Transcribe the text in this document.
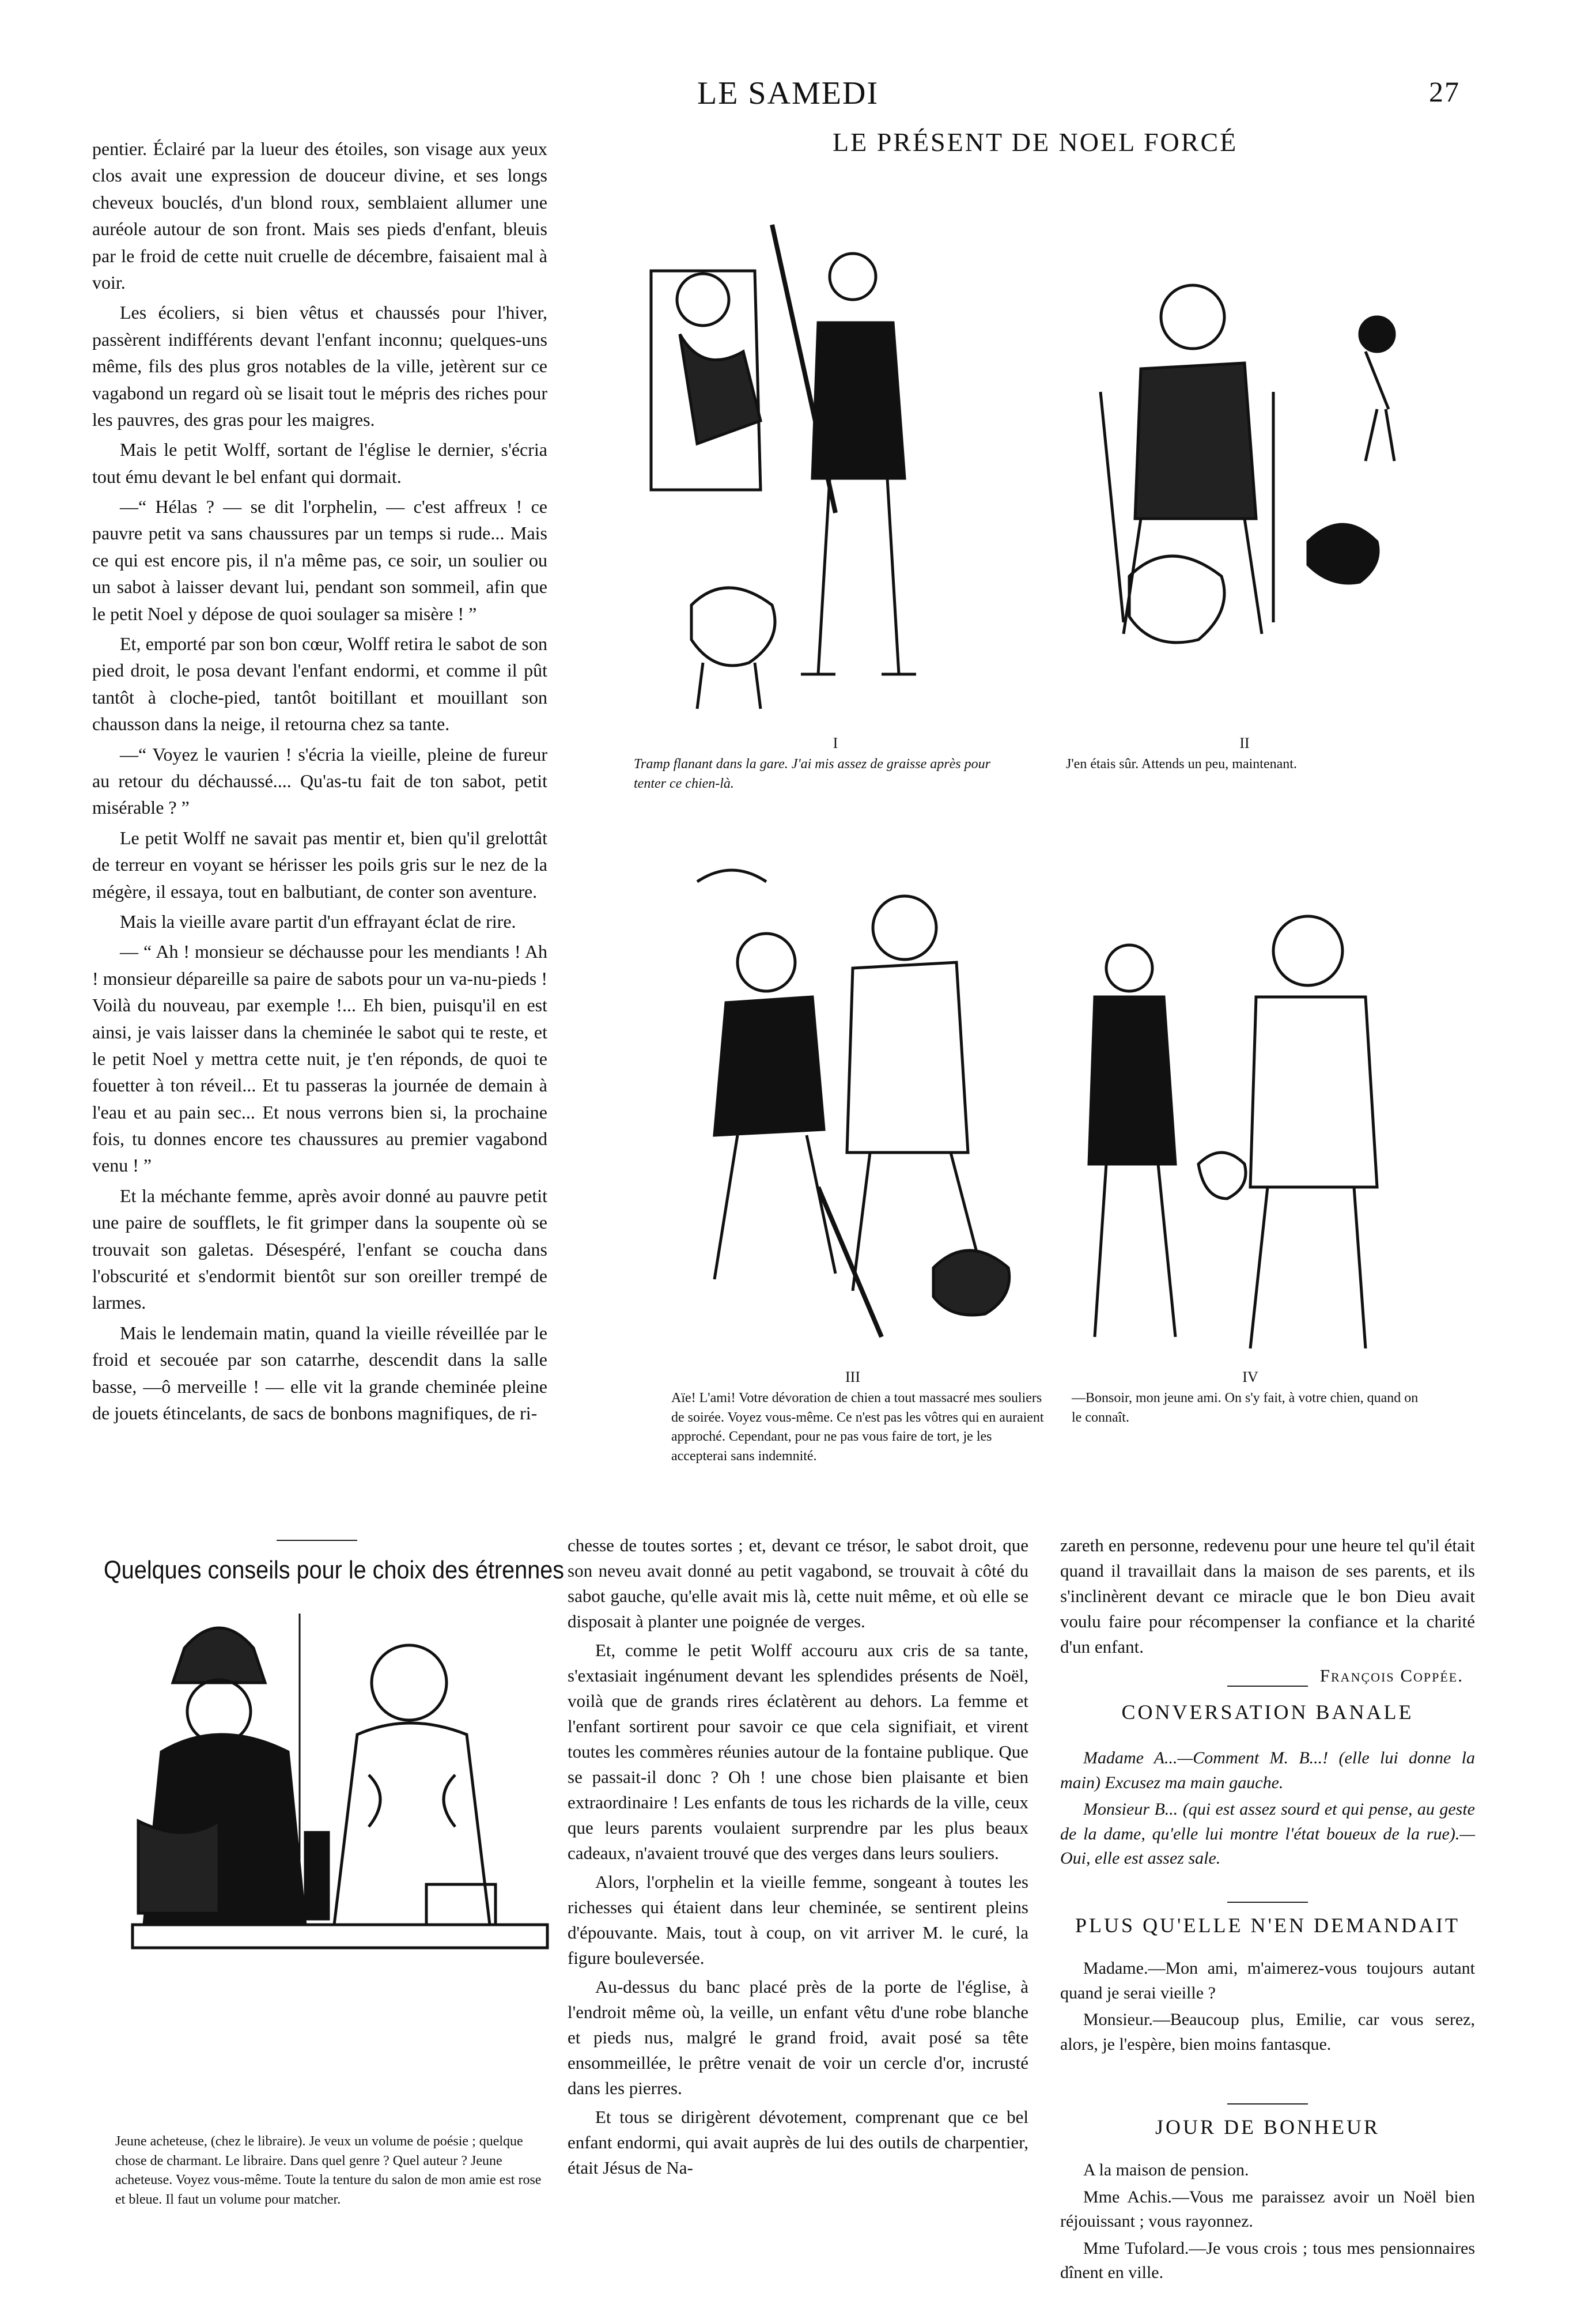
LE SAMEDI	27

pentier. Éclairé par la lueur des étoiles, son visage aux yeux clos avait une expression de douceur divine, et ses longs cheveux bouclés, d'un blond roux, semblaient allumer une auréole autour de son front. Mais ses pieds d'enfant, bleuis par le froid de cette nuit cruelle de décembre, faisaient mal à voir.

Les écoliers, si bien vêtus et chaussés pour l'hiver, passèrent indifférents devant l'enfant inconnu; quelques-uns même, fils des plus gros notables de la ville, jetèrent sur ce vagabond un regard où se lisait tout le mépris des riches pour les pauvres, des gras pour les maigres.

Mais le petit Wolff, sortant de l'église le dernier, s'écria tout ému devant le bel enfant qui dormait.

—“ Hélas ? — se dit l'orphelin, — c'est affreux ! ce pauvre petit va sans chaussures par un temps si rude... Mais ce qui est encore pis, il n'a même pas, ce soir, un soulier ou un sabot à laisser devant lui, pendant son sommeil, afin que le petit Noel y dépose de quoi soulager sa misère ! ”

Et, emporté par son bon cœur, Wolff retira le sabot de son pied droit, le posa devant l'enfant endormi, et comme il pût tantôt à cloche-pied, tantôt boitillant et mouillant son chausson dans la neige, il retourna chez sa tante.

—“ Voyez le vaurien ! s'écria la vieille, pleine de fureur au retour du déchaussé.... Qu'as-tu fait de ton sabot, petit misérable ? ”

Le petit Wolff ne savait pas mentir et, bien qu'il grelottât de terreur en voyant se hérisser les poils gris sur le nez de la mégère, il essaya, tout en balbutiant, de conter son aventure.

Mais la vieille avare partit d'un effrayant éclat de rire.

— “ Ah ! monsieur se déchausse pour les mendiants ! Ah ! monsieur dépareille sa paire de sabots pour un va-nu-pieds ! Voilà du nouveau, par exemple !... Eh bien, puisqu'il en est ainsi, je vais laisser dans la cheminée le sabot qui te reste, et le petit Noel y mettra cette nuit, je t'en réponds, de quoi te fouetter à ton réveil... Et tu passeras la journée de demain à l'eau et au pain sec... Et nous verrons bien si, la prochaine fois, tu donnes encore tes chaussures au premier vagabond venu ! ”

Et la méchante femme, après avoir donné au pauvre petit une paire de soufflets, le fit grimper dans la soupente où se trouvait son galetas. Désespéré, l'enfant se coucha dans l'obscurité et s'endormit bientôt sur son oreiller trempé de larmes.

Mais le lendemain matin, quand la vieille réveillée par le froid et secouée par son catarrhe, descendit dans la salle basse, —ô merveille ! — elle vit la grande cheminée pleine de jouets étincelants, de sacs de bonbons magnifiques, de ri-

LE PRÉSENT DE NOEL FORCÉ
I	II
Tramp flanant dans la gare. J'ai mis assez de graisse après pour tenter ce chien-là.
J'en étais sûr. Attends un peu, maintenant.
III	IV
Aïe! L'ami! Votre dévoration de chien a tout massacré mes souliers de soirée. Voyez vous-même. Ce n'est pas les vôtres qui en auraient approché. Cependant, pour ne pas vous faire de tort, je les accepterai sans indemnité.
—Bonsoir, mon jeune ami. On s'y fait, à votre chien, quand on le connaît.
Quelques conseils pour le choix des étrennes
Jeune acheteuse, (chez le libraire). Je veux un volume de poésie ; quelque chose de charmant. Le libraire. Dans quel genre ? Quel auteur ? Jeune acheteuse. Voyez vous-même. Toute la tenture du salon de mon amie est rose et bleue. Il faut un volume pour matcher.

chesse de toutes sortes ; et, devant ce trésor, le sabot droit, que son neveu avait donné au petit vagabond, se trouvait à côté du sabot gauche, qu'elle avait mis là, cette nuit même, et où elle se disposait à planter une poignée de verges.

Et, comme le petit Wolff accouru aux cris de sa tante, s'extasiait ingénument devant les splendides présents de Noël, voilà que de grands rires éclatèrent au dehors. La femme et l'enfant sortirent pour savoir ce que cela signifiait, et virent toutes les commères réunies autour de la fontaine publique. Que se passait-il donc ? Oh ! une chose bien plaisante et bien extraordinaire ! Les enfants de tous les richards de la ville, ceux que leurs parents voulaient surprendre par les plus beaux cadeaux, n'avaient trouvé que des verges dans leurs souliers.

Alors, l'orphelin et la vieille femme, songeant à toutes les richesses qui étaient dans leur cheminée, se sentirent pleins d'épouvante. Mais, tout à coup, on vit arriver M. le curé, la figure bouleversée.

Au-dessus du banc placé près de la porte de l'église, à l'endroit même où, la veille, un enfant vêtu d'une robe blanche et pieds nus, malgré le grand froid, avait posé sa tête ensommeillée, le prêtre venait de voir un cercle d'or, incrusté dans les pierres.

Et tous se dirigèrent dévotement, comprenant que ce bel enfant endormi, qui avait auprès de lui des outils de charpentier, était Jésus de Na-

zareth en personne, redevenu pour une heure tel qu'il était quand il travaillait dans la maison de ses parents, et ils s'inclinèrent devant ce miracle que le bon Dieu avait voulu faire pour récompenser la confiance et la charité d'un enfant.

François Coppée.
CONVERSATION BANALE

Madame A...—Comment M. B...! (elle lui donne la main) Excusez ma main gauche.

Monsieur B... (qui est assez sourd et qui pense, au geste de la dame, qu'elle lui montre l'état boueux de la rue).—Oui, elle est assez sale.

PLUS QU'ELLE N'EN DEMANDAIT

Madame.—Mon ami, m'aimerez-vous toujours autant quand je serai vieille ?

Monsieur.—Beaucoup plus, Emilie, car vous serez, alors, je l'espère, bien moins fantasque.

JOUR DE BONHEUR

A la maison de pension.

Mme Achis.—Vous me paraissez avoir un Noël bien réjouissant ; vous rayonnez.

Mme Tufolard.—Je vous crois ; tous mes pensionnaires dînent en ville.
